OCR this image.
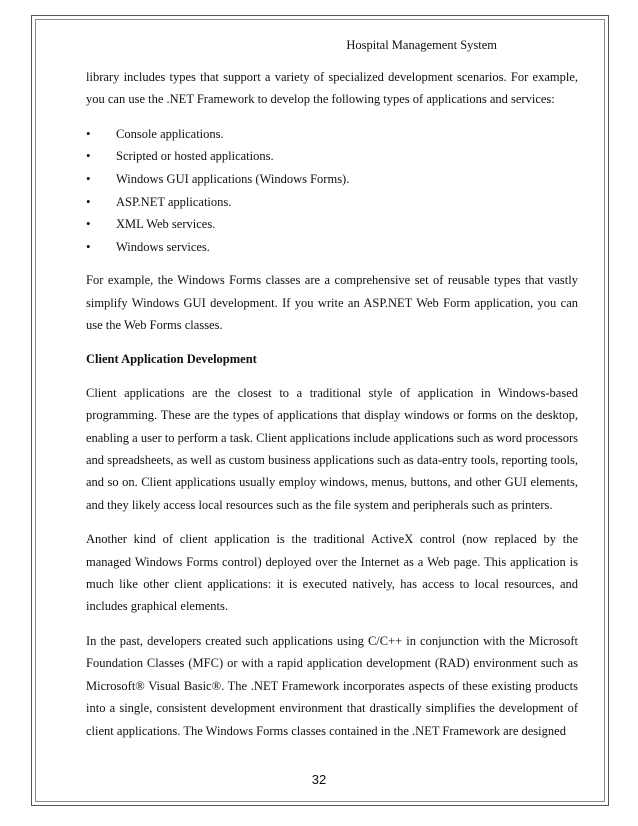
Hospital Management System

library includes types that support a variety of specialized development scenarios. For example, you can use the .NET Framework to develop the following types of applications and services:

•	Console applications.
•	Scripted or hosted applications.
•	Windows GUI applications (Windows Forms).
•	ASP.NET applications.
•	XML Web services.
•	Windows services.

For example, the Windows Forms classes are a comprehensive set of reusable types that vastly simplify Windows GUI development. If you write an ASP.NET Web Form application, you can use the Web Forms classes.

Client Application Development

Client applications are the closest to a traditional style of application in Windows-based programming. These are the types of applications that display windows or forms on the desktop, enabling a user to perform a task. Client applications include applications such as word processors and spreadsheets, as well as custom business applications such as data-entry tools, reporting tools, and so on. Client applications usually employ windows, menus, buttons, and other GUI elements, and they likely access local resources such as the file system and peripherals such as printers.

Another kind of client application is the traditional ActiveX control (now replaced by the managed Windows Forms control) deployed over the Internet as a Web page. This application is much like other client applications: it is executed natively, has access to local resources, and includes graphical elements.

In the past, developers created such applications using C/C++ in conjunction with the Microsoft Foundation Classes (MFC) or with a rapid application development (RAD) environment such as Microsoft® Visual Basic®. The .NET Framework incorporates aspects of these existing products into a single, consistent development environment that drastically simplifies the development of client applications. The Windows Forms classes contained in the .NET Framework are designed

32
